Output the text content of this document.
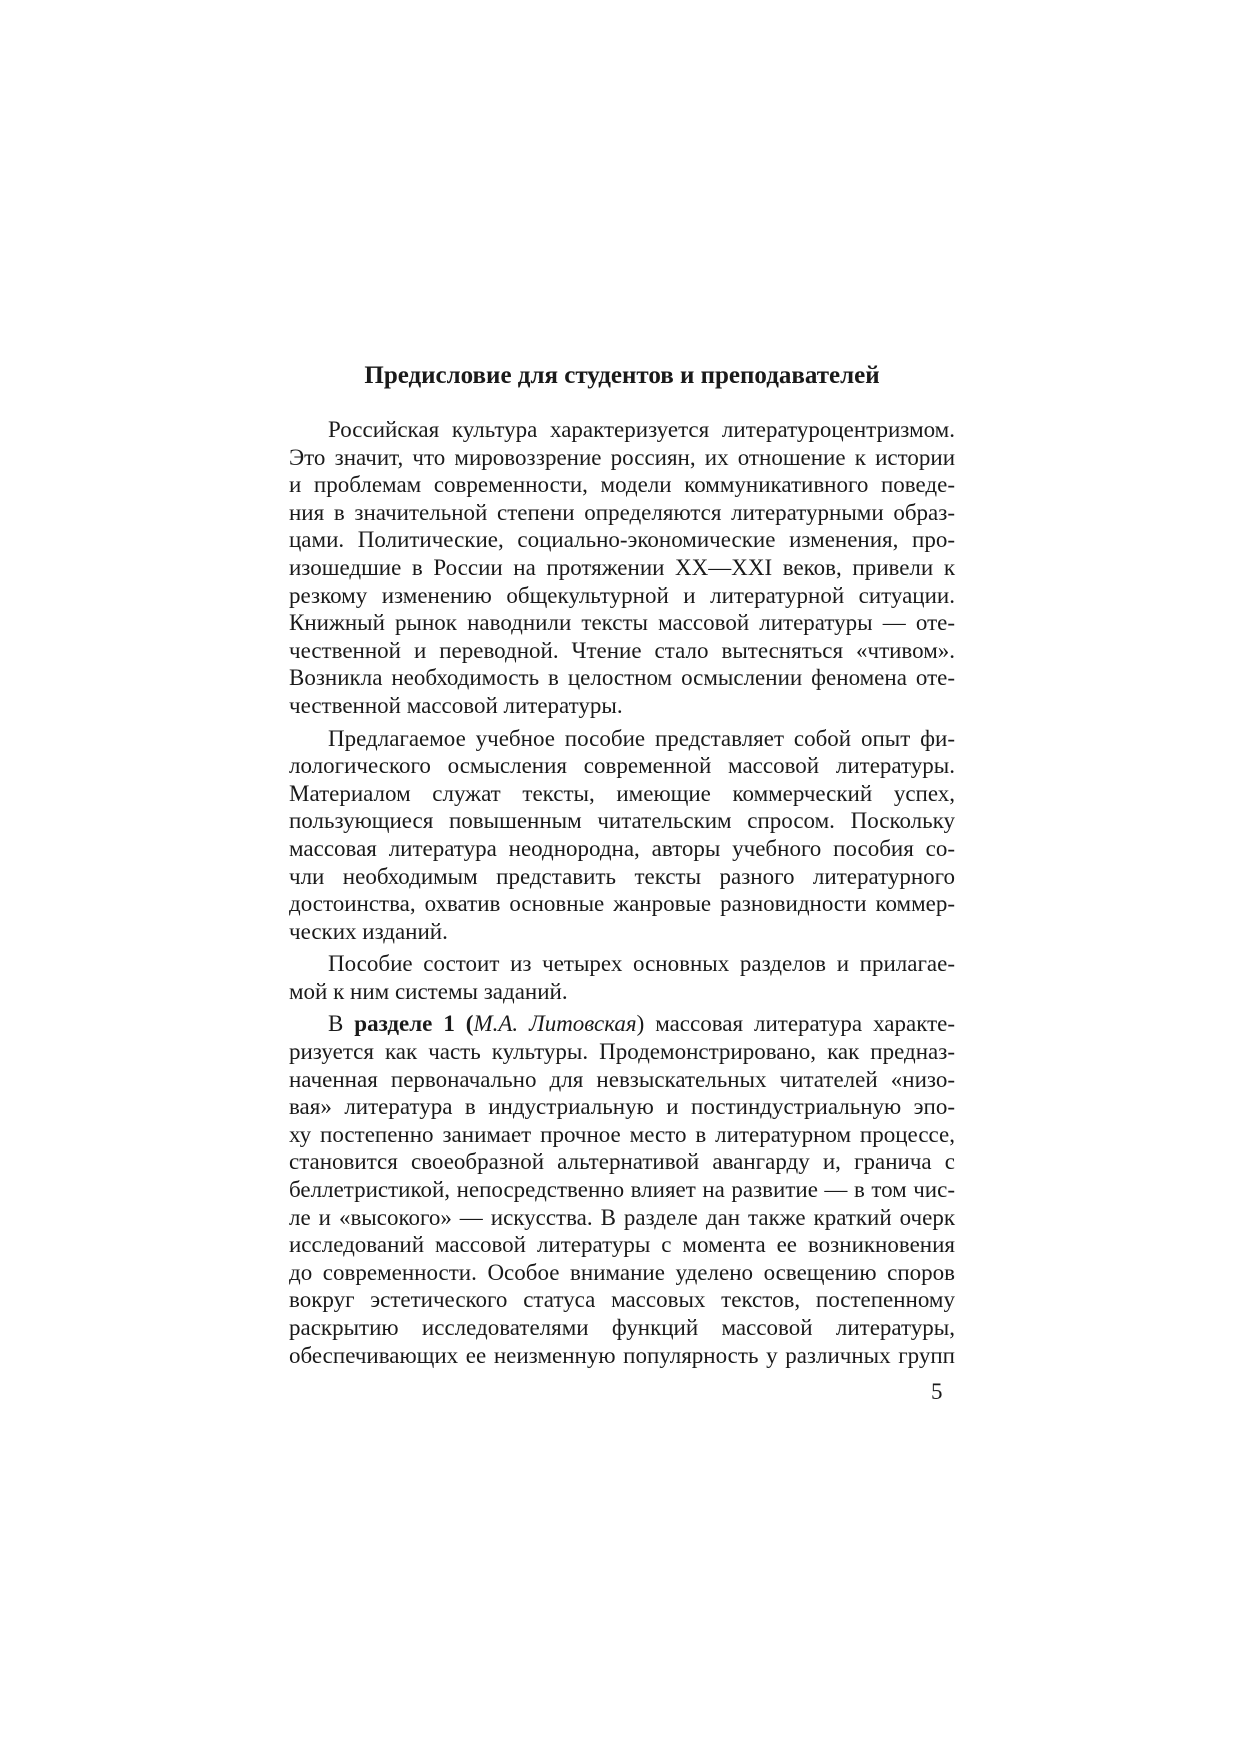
Предисловие для студентов и преподавателей
Российская культура характеризуется литературоцентризмом.
Это значит, что мировоззрение россиян, их отношение к истории
и проблемам современности, модели коммуникативного поведе-
ния в значительной степени определяются литературными образ-
цами. Политические, социально-экономические изменения, про-
изошедшие в России на протяжении XX—XXI веков, привели к
резкому изменению общекультурной и литературной ситуации.
Книжный рынок наводнили тексты массовой литературы — оте-
чественной и переводной. Чтение стало вытесняться «чтивом».
Возникла необходимость в целостном осмыслении феномена оте-
чественной массовой литературы.
Предлагаемое учебное пособие представляет собой опыт фи-
лологического осмысления современной массовой литературы.
Материалом служат тексты, имеющие коммерческий успех,
пользующиеся повышенным читательским спросом. Поскольку
массовая литература неоднородна, авторы учебного пособия со-
чли необходимым представить тексты разного литературного
достоинства, охватив основные жанровые разновидности коммер-
ческих изданий.
Пособие состоит из четырех основных разделов и прилагае-
мой к ним системы заданий.
В разделе 1 (М.А. Литовская) массовая литература характе-
ризуется как часть культуры. Продемонстрировано, как предназ-
наченная первоначально для невзыскательных читателей «низо-
вая» литература в индустриальную и постиндустриальную эпо-
ху постепенно занимает прочное место в литературном процессе,
становится своеобразной альтернативой авангарду и, гранича с
беллетристикой, непосредственно влияет на развитие — в том чис-
ле и «высокого» — искусства. В разделе дан также краткий очерк
исследований массовой литературы с момента ее возникновения
до современности. Особое внимание уделено освещению споров
вокруг эстетического статуса массовых текстов, постепенному
раскрытию исследователями функций массовой литературы,
обеспечивающих ее неизменную популярность у различных групп
5
